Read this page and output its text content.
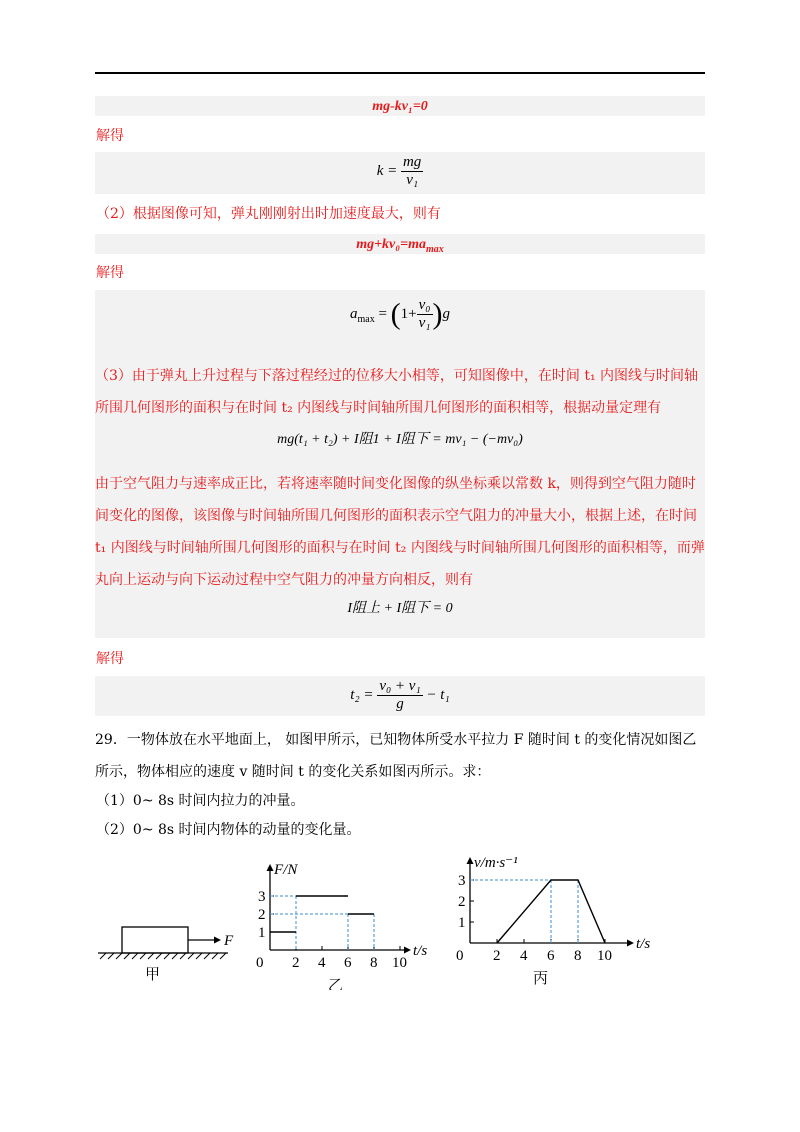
mg-kv₁=0
解得
$k = \frac{mg}{\text{v₁}}$
（2）根据图像可知，弹丸刚刚射出时加速度最大，则有
$mg+kv_0=ma_{max}$
解得
$a_{max} = (1+ \frac{\text{v₀}}{\text{v₁}} )g$
（3）由于弹丸上升过程与下落过程经过的位移大小相等，可知图像中，在时间 t₁ 内图线与时间轴所围几何图形的面积与在时间 t₂ 内图线与时间轴所围几何图形的面积相等，根据动量定理有
mg(t₁ + t₂) + I阻1 + I阻下 = mv₁ − (−mv₀)
由于空气阻力与速率成正比，若将速率随时间变化图像的纵坐标乘以常数 k，则得到空气阻力随时间变化的图像，该图像与时间轴所围几何图形的面积表示空气阻力的冲量大小，根据上述，在时间 t₁ 内图线与时间轴所围几何图形的面积与在时间 t₂ 内图线与时间轴所围几何图形的面积相等，而弹丸向上运动与向下运动过程中空气阻力的冲量方向相反，则有
I阻上 + I阻下 = 0
解得
$t_2 = \frac{\text{v₀ + v₁}}{g} - t_1$
29．一物体放在水平地面上， 如图甲所示，已知物体所受水平拉力 F 随时间 t 的变化情况如图乙所示，物体相应的速度 v 随时间 t 的变化关系如图丙所示。求：
（1）0~ 8s 时间内拉力的冲量。
（2）0~ 8s 时间内物体的动量的变化量。
F
甲
t/s
F/N
0 2 4 6 8 10
1
2
3
乙
t/s
v/m·s⁻¹
0 2 4 6 8 10
1
2
3
丙
